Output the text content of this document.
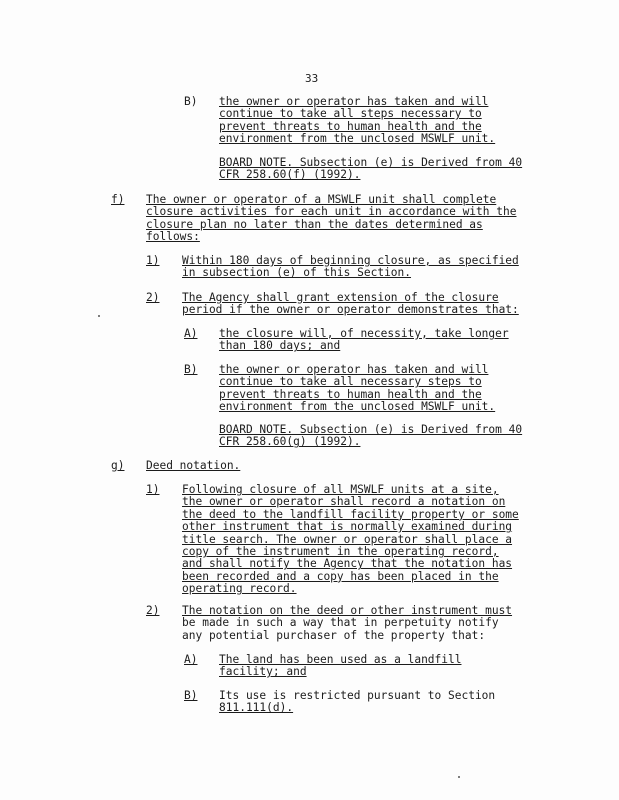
33
B) the owner or operator has taken and will
continue to take all steps necessary to
prevent threats to human health and the
environment from the unclosed MSWLF unit.
BOARD NOTE. Subsection (e) is Derived from 40
CFR 258.60(f) (1992).
f) The owner or operator of a MSWLF unit shall complete
closure activities for each unit in accordance with the
closure plan no later than the dates determined as
follows:
1) Within 180 days of beginning closure, as specified
in subsection (e) of this Section.
2) The Agency shall grant extension of the closure
period if the owner or operator demonstrates that:
A) the closure will, of necessity, take longer
than 180 days; and
B) the owner or operator has taken and will
continue to take all necessary steps to
prevent threats to human health and the
environment from the unclosed MSWLF unit.
BOARD NOTE. Subsection (e) is Derived from 40
CFR 258.60(g) (1992).
g) Deed notation.
1) Following closure of all MSWLF units at a site,
the owner or operator shall record a notation on
the deed to the landfill facility property or some
other instrument that is normally examined during
title search. The owner or operator shall place a
copy of the instrument in the operating record,
and shall notify the Agency that the notation has
been recorded and a copy has been placed in the
operating record.
2) The notation on the deed or other instrument must
be made in such a way that in perpetuity notify
any potential purchaser of the property that:
A) The land has been used as a landfill
facility; and
B) Its use is restricted pursuant to Section
811.111(d).
